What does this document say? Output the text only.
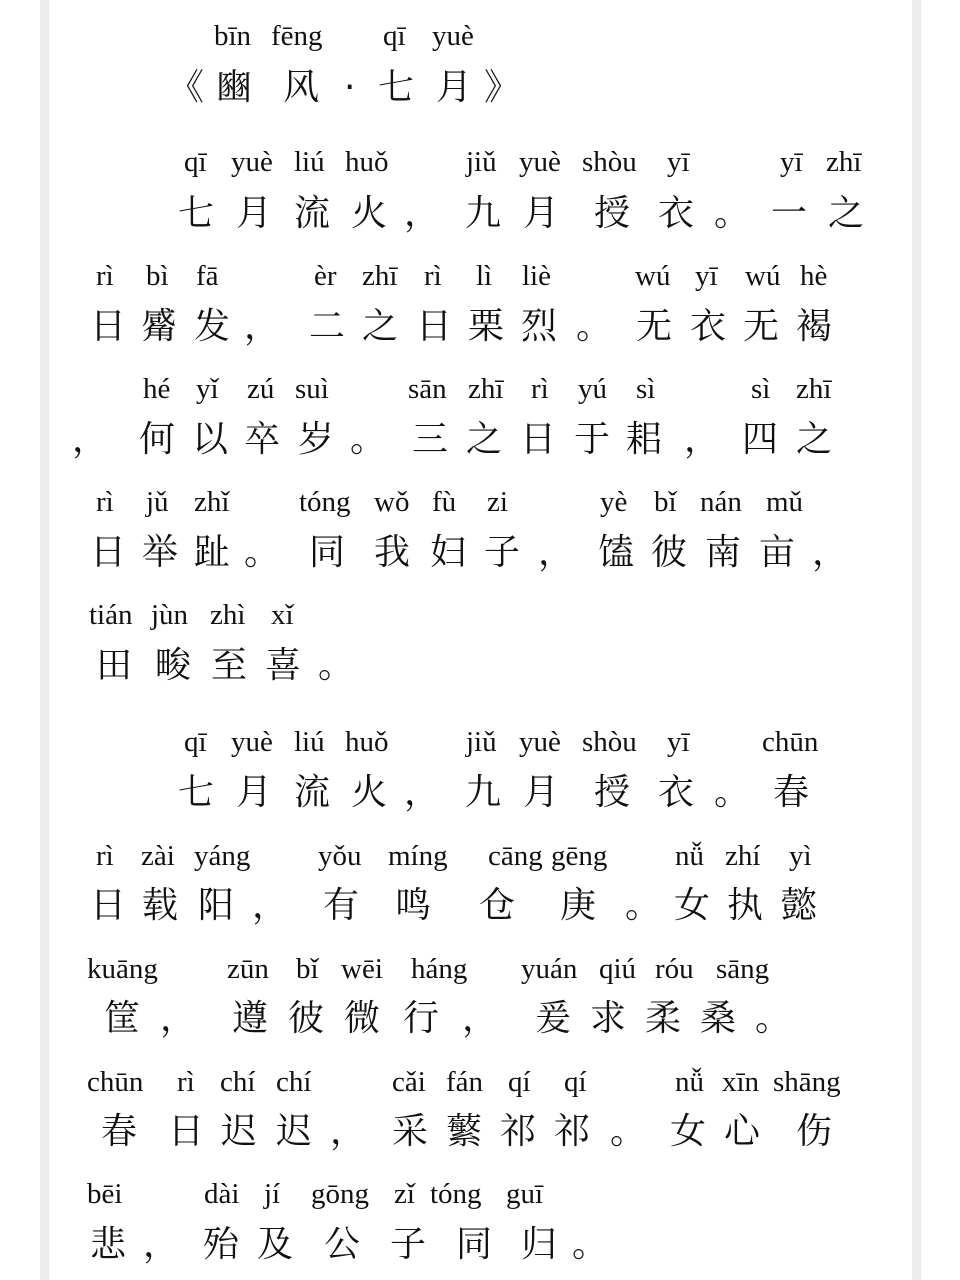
bīn fēng qī yuè
《 豳 风 · 七 月 》
qī yuè liú huǒ	jiǔ yuè shòu yī	yī zhī
七 月 流 火 ， 九 月 授 衣 。 一 之
rì bì fā	èr zhī rì lì liè	wú yī wú hè
日 觱 发 ， 二 之 日 栗 烈 。 无 衣 无 褐
hé yǐ zú suì	sān zhī rì yú sì	sì zhī
， 何 以 卒 岁 。 三 之 日 于 耜 ， 四 之
rì jǔ zhǐ tóng wǒ fù zi	yè bǐ nán mǔ
日 举 趾 。 同 我 妇 子 ， 馌 彼 南 亩 ，
tián jùn zhì xǐ
田 畯 至 喜 。
qī yuè liú huǒ	jiǔ yuè shòu yī chūn
七 月 流 火 ， 九 月 授 衣 。 春
rì zài yáng yǒu míng cāng gēng nǚ zhí yì
日 载 阳 ， 有 鸣 仓 庚 。 女 执 懿
kuāng zūn bǐ wēi háng yuán qiú róu sāng
筐 ， 遵 彼 微 行 ， 爰 求 柔 桑 。
chūn rì chí chí	cǎi fán qí qí	nǚ xīn shāng
春 日 迟 迟 ， 采 蘩 祁 祁 。 女 心 伤
bēi	dài jí gōng zǐ tóng guī
悲 ， 殆 及 公 子 同 归 。
